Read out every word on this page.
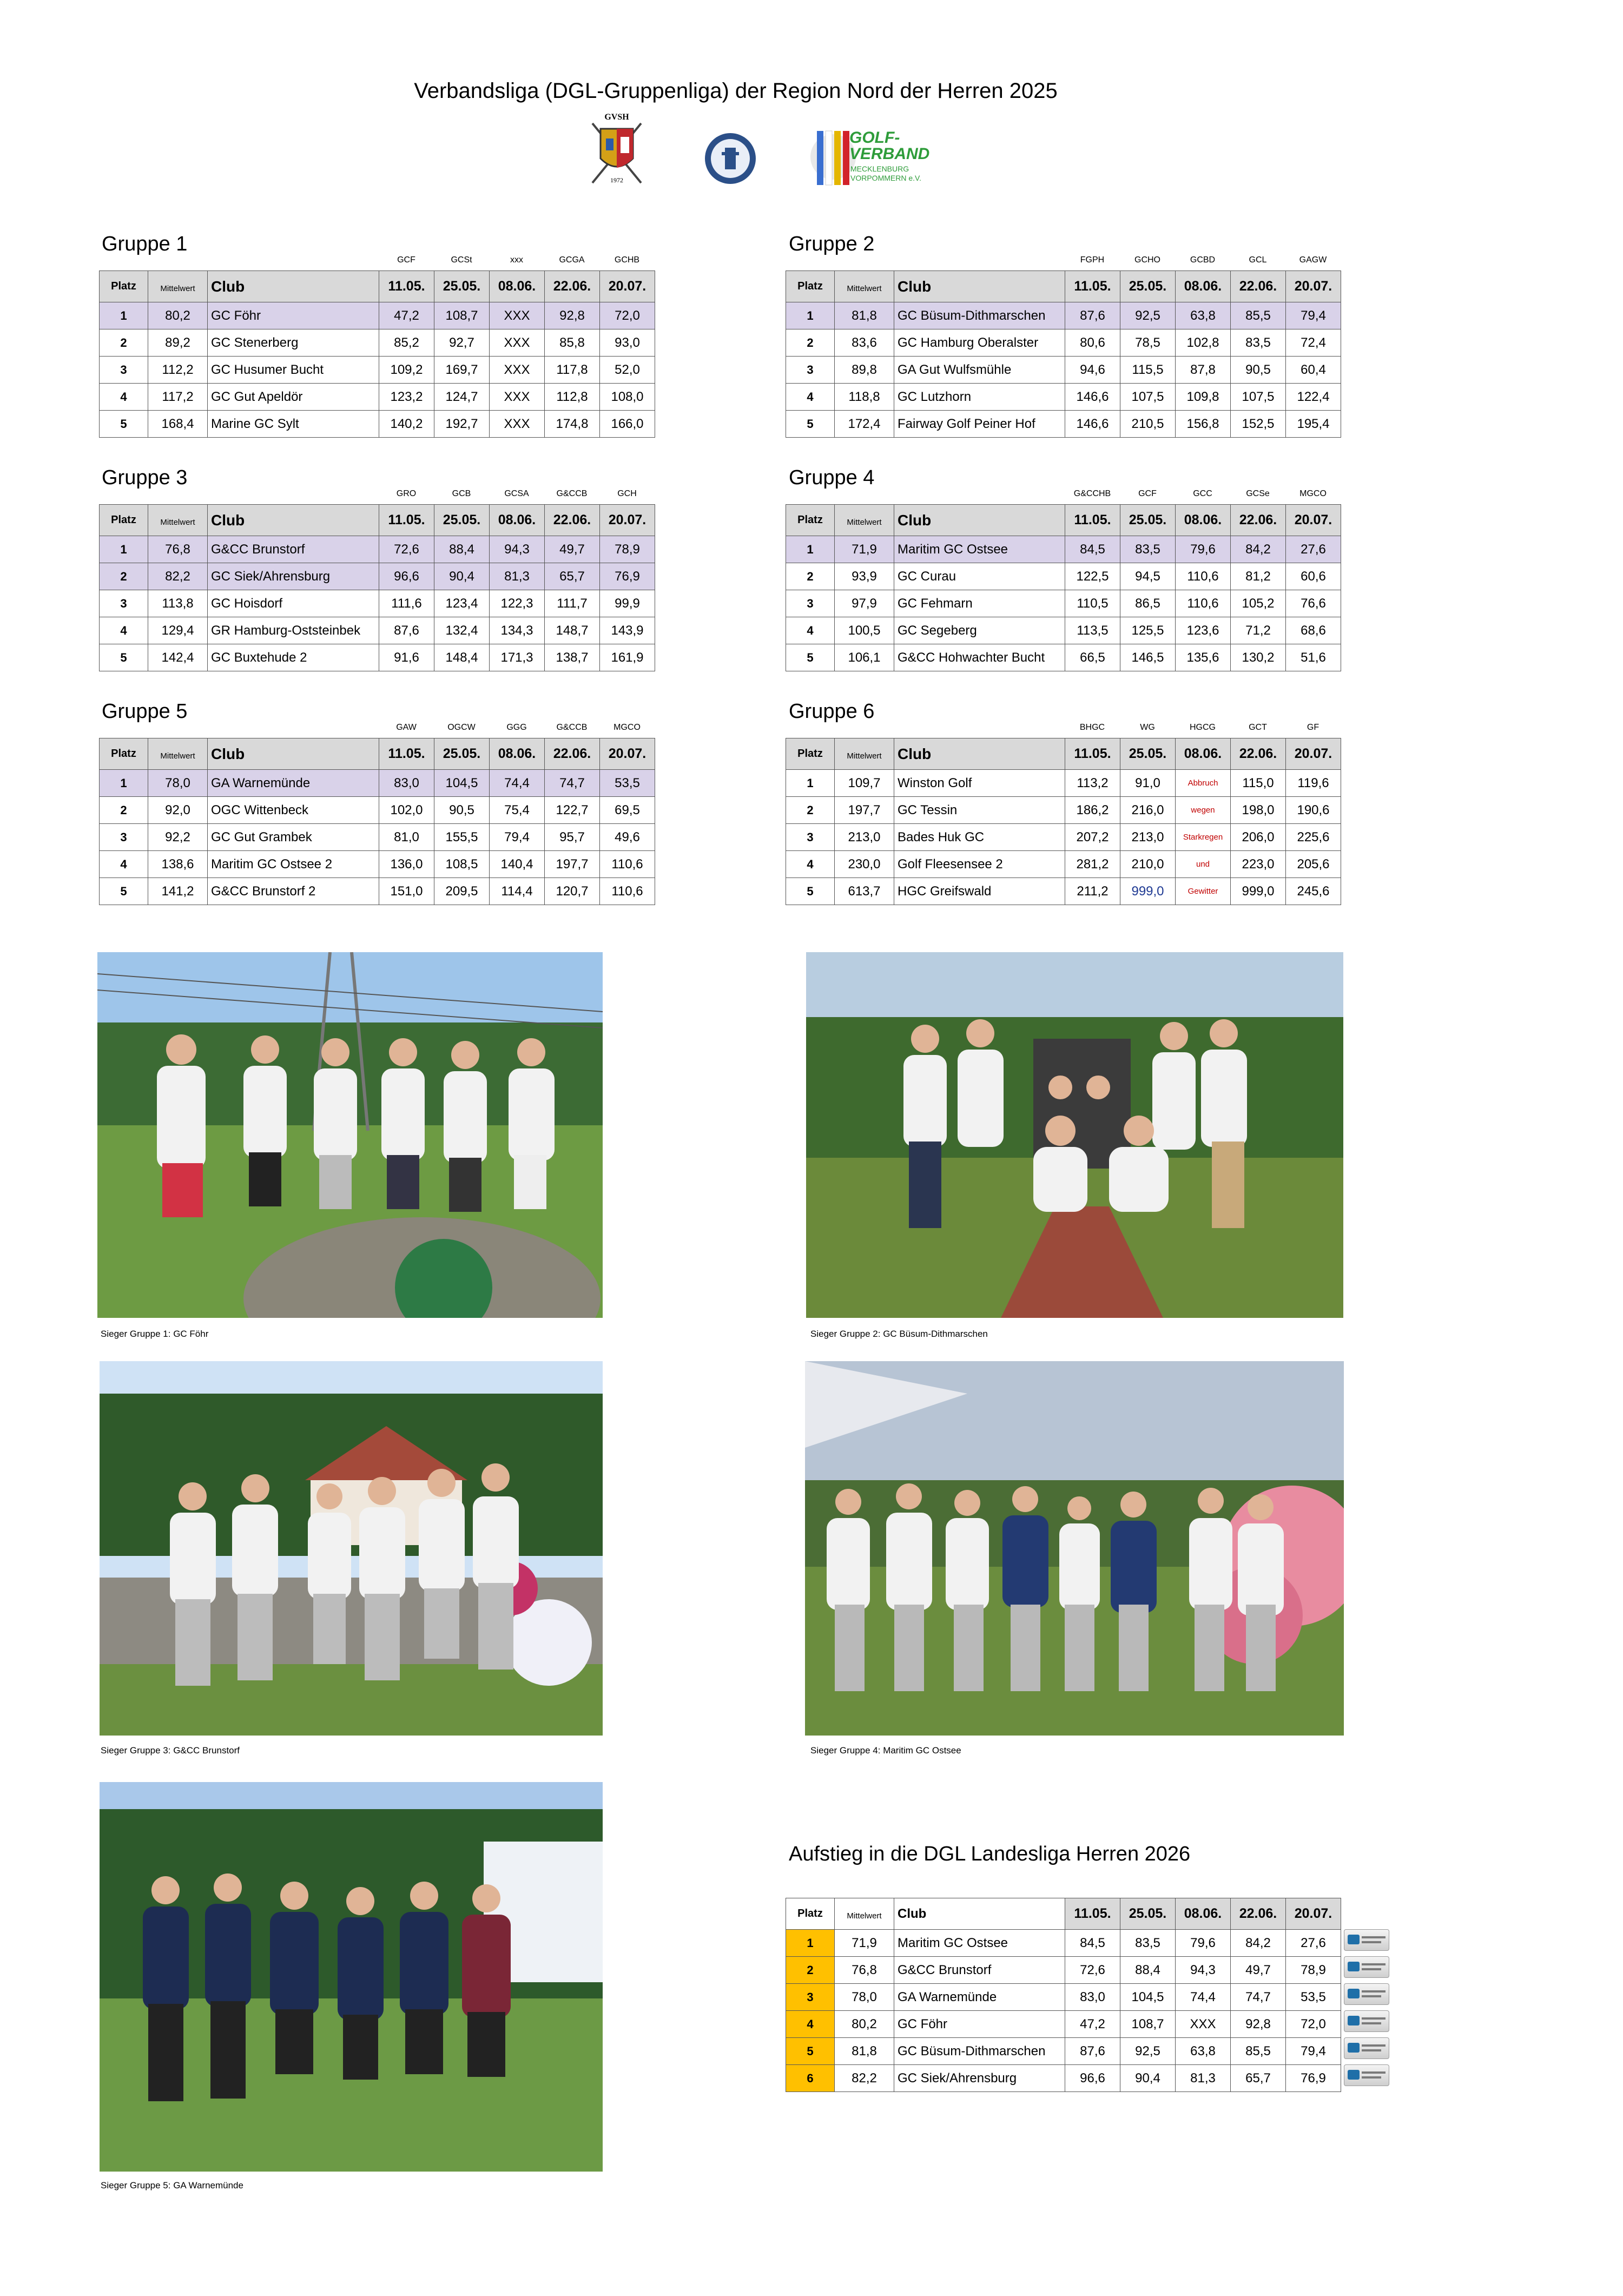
Verbandsliga (DGL-Gruppenliga) der Region Nord der Herren 2025
GVSH
1972
GOLF-
VERBAND
MECKLENBURG
VORPOMMERN e.V.
Gruppe 1
GCF	GCSt	xxx	GCGA	GCHB
Platz	Mittelwert	Club	11.05.	25.05.	08.06.	22.06.	20.07.
1	80,2	GC Föhr	47,2	108,7	XXX	92,8	72,0
2	89,2	GC Stenerberg	85,2	92,7	XXX	85,8	93,0
3	112,2	GC Husumer Bucht	109,2	169,7	XXX	117,8	52,0
4	117,2	GC Gut Apeldör	123,2	124,7	XXX	112,8	108,0
5	168,4	Marine GC Sylt	140,2	192,7	XXX	174,8	166,0
Gruppe 2
FGPH	GCHO	GCBD	GCL	GAGW
Platz	Mittelwert	Club	11.05.	25.05.	08.06.	22.06.	20.07.
1	81,8	GC Büsum-Dithmarschen	87,6	92,5	63,8	85,5	79,4
2	83,6	GC Hamburg Oberalster	80,6	78,5	102,8	83,5	72,4
3	89,8	GA Gut Wulfsmühle	94,6	115,5	87,8	90,5	60,4
4	118,8	GC Lutzhorn	146,6	107,5	109,8	107,5	122,4
5	172,4	Fairway Golf Peiner Hof	146,6	210,5	156,8	152,5	195,4
Gruppe 3
GRO	GCB	GCSA	G&CCB	GCH
Platz	Mittelwert	Club	11.05.	25.05.	08.06.	22.06.	20.07.
1	76,8	G&CC Brunstorf	72,6	88,4	94,3	49,7	78,9
2	82,2	GC Siek/Ahrensburg	96,6	90,4	81,3	65,7	76,9
3	113,8	GC Hoisdorf	111,6	123,4	122,3	111,7	99,9
4	129,4	GR Hamburg-Oststeinbek	87,6	132,4	134,3	148,7	143,9
5	142,4	GC Buxtehude 2	91,6	148,4	171,3	138,7	161,9
Gruppe 4
G&CCHB	GCF	GCC	GCSe	MGCO
Platz	Mittelwert	Club	11.05.	25.05.	08.06.	22.06.	20.07.
1	71,9	Maritim GC Ostsee	84,5	83,5	79,6	84,2	27,6
2	93,9	GC Curau	122,5	94,5	110,6	81,2	60,6
3	97,9	GC Fehmarn	110,5	86,5	110,6	105,2	76,6
4	100,5	GC Segeberg	113,5	125,5	123,6	71,2	68,6
5	106,1	G&CC Hohwachter Bucht	66,5	146,5	135,6	130,2	51,6
Gruppe 5
GAW	OGCW	GGG	G&CCB	MGCO
Platz	Mittelwert	Club	11.05.	25.05.	08.06.	22.06.	20.07.
1	78,0	GA Warnemünde	83,0	104,5	74,4	74,7	53,5
2	92,0	OGC Wittenbeck	102,0	90,5	75,4	122,7	69,5
3	92,2	GC Gut Grambek	81,0	155,5	79,4	95,7	49,6
4	138,6	Maritim GC Ostsee 2	136,0	108,5	140,4	197,7	110,6
5	141,2	G&CC Brunstorf 2	151,0	209,5	114,4	120,7	110,6
Gruppe 6
BHGC	WG	HGCG	GCT	GF
Platz	Mittelwert	Club	11.05.	25.05.	08.06.	22.06.	20.07.
1	109,7	Winston Golf	113,2	91,0	Abbruch	115,0	119,6
2	197,7	GC Tessin	186,2	216,0	wegen	198,0	190,6
3	213,0	Bades Huk GC	207,2	213,0	Starkregen	206,0	225,6
4	230,0	Golf Fleesensee 2	281,2	210,0	und	223,0	205,6
5	613,7	HGC Greifswald	211,2	999,0	Gewitter	999,0	245,6
Sieger Gruppe 1: GC Föhr	Sieger Gruppe 2: GC Büsum-Dithmarschen
Sieger Gruppe 3: G&CC Brunstorf	Sieger Gruppe 4: Maritim GC Ostsee
Sieger Gruppe 5: GA Warnemünde
Aufstieg in die DGL Landesliga Herren 2026
Platz	Mittelwert	Club	11.05.	25.05.	08.06.	22.06.	20.07.
1	71,9	Maritim GC Ostsee	84,5	83,5	79,6	84,2	27,6
2	76,8	G&CC Brunstorf	72,6	88,4	94,3	49,7	78,9
3	78,0	GA Warnemünde	83,0	104,5	74,4	74,7	53,5
4	80,2	GC Föhr	47,2	108,7	XXX	92,8	72,0
5	81,8	GC Büsum-Dithmarschen	87,6	92,5	63,8	85,5	79,4
6	82,2	GC Siek/Ahrensburg	96,6	90,4	81,3	65,7	76,9
